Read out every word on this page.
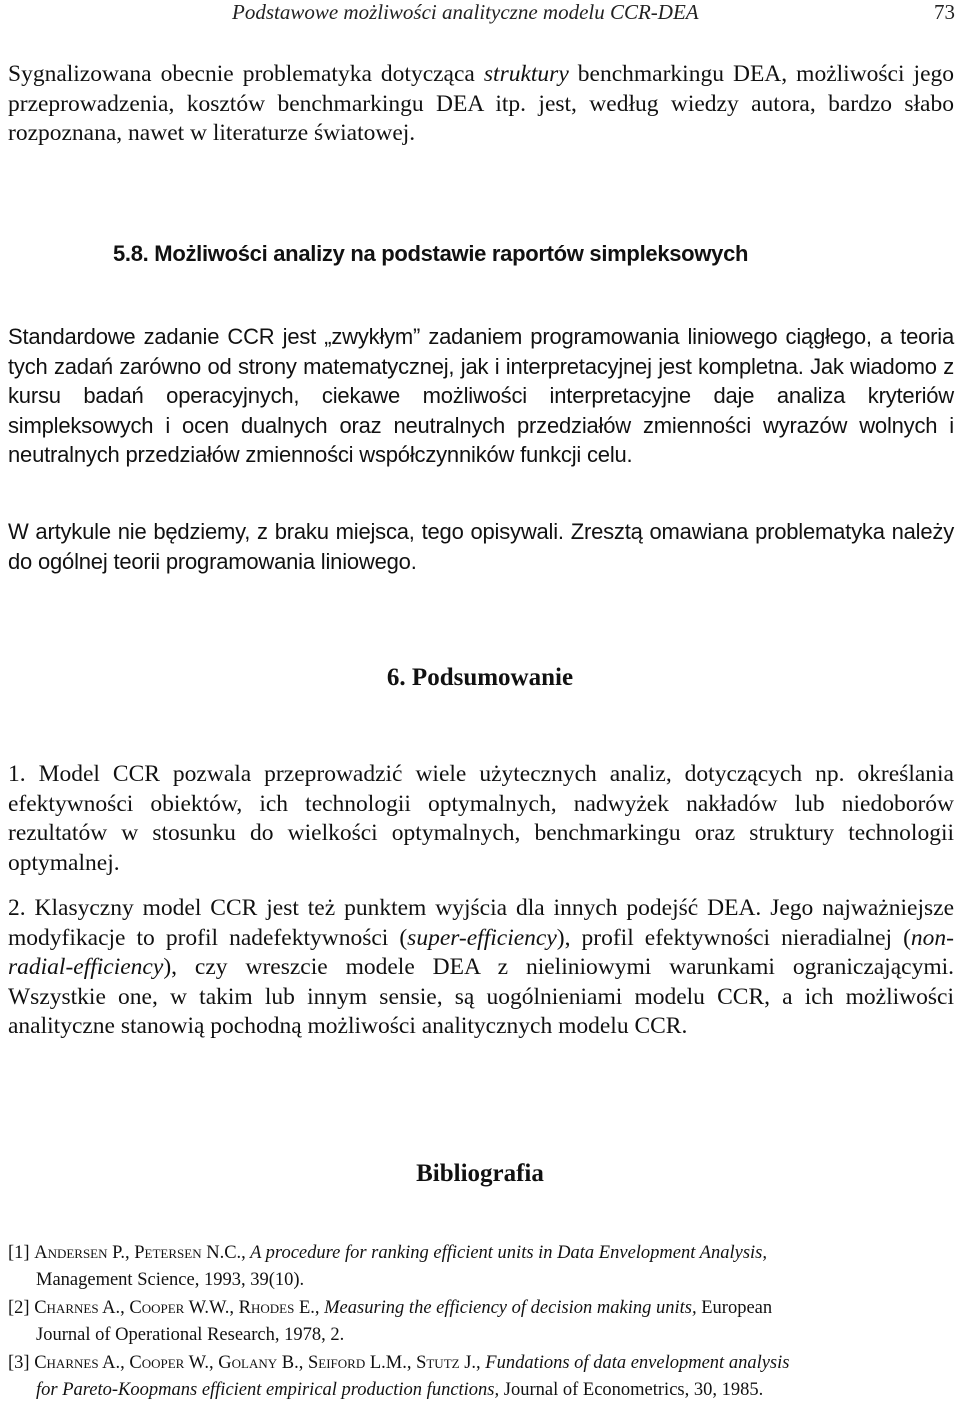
Podstawowe możliwości analityczne modelu CCR-DEA	73

Sygnalizowana obecnie problematyka dotycząca struktury benchmarkingu DEA, możliwości jego przeprowadzenia, kosztów benchmarkingu DEA itp. jest, według wiedzy autora, bardzo słabo rozpoznana, nawet w literaturze światowej.

5.8. Możliwości analizy na podstawie raportów simpleksowych

Standardowe zadanie CCR jest „zwykłym” zadaniem programowania liniowego ciągłego, a teoria tych zadań zarówno od strony matematycznej, jak i interpretacyjnej jest kompletna. Jak wiadomo z kursu badań operacyjnych, ciekawe możliwości interpretacyjne daje analiza kryteriów simpleksowych i ocen dualnych oraz neutralnych przedziałów zmienności wyrazów wolnych i neutralnych przedziałów zmienności współczynników funkcji celu.

W artykule nie będziemy, z braku miejsca, tego opisywali. Zresztą omawiana problematyka należy do ogólnej teorii programowania liniowego.

6. Podsumowanie

1. Model CCR pozwala przeprowadzić wiele użytecznych analiz, dotyczących np. określania efektywności obiektów, ich technologii optymalnych, nadwyżek nakładów lub niedoborów rezultatów w stosunku do wielkości optymalnych, benchmarkingu oraz struktury technologii optymalnej.

2. Klasyczny model CCR jest też punktem wyjścia dla innych podejść DEA. Jego najważniejsze modyfikacje to profil nadefektywności (super-efficiency), profil efektywności nieradialnej (non-radial-efficiency), czy wreszcie modele DEA z nieliniowymi warunkami ograniczającymi. Wszystkie one, w takim lub innym sensie, są uogólnieniami modelu CCR, a ich możliwości analityczne stanowią pochodną możliwości analitycznych modelu CCR.

Bibliografia

[1] Andersen P., Petersen N.C., A procedure for ranking efficient units in Data Envelopment Analysis,
Management Science, 1993, 39(10).

[2] Charnes A., Cooper W.W., Rhodes E., Measuring the efficiency of decision making units, European
Journal of Operational Research, 1978, 2.

[3] Charnes A., Cooper W., Golany B., Seiford L.M., Stutz J., Fundations of data envelopment analysis
for Pareto-Koopmans efficient empirical production functions, Journal of Econometrics, 30, 1985.
